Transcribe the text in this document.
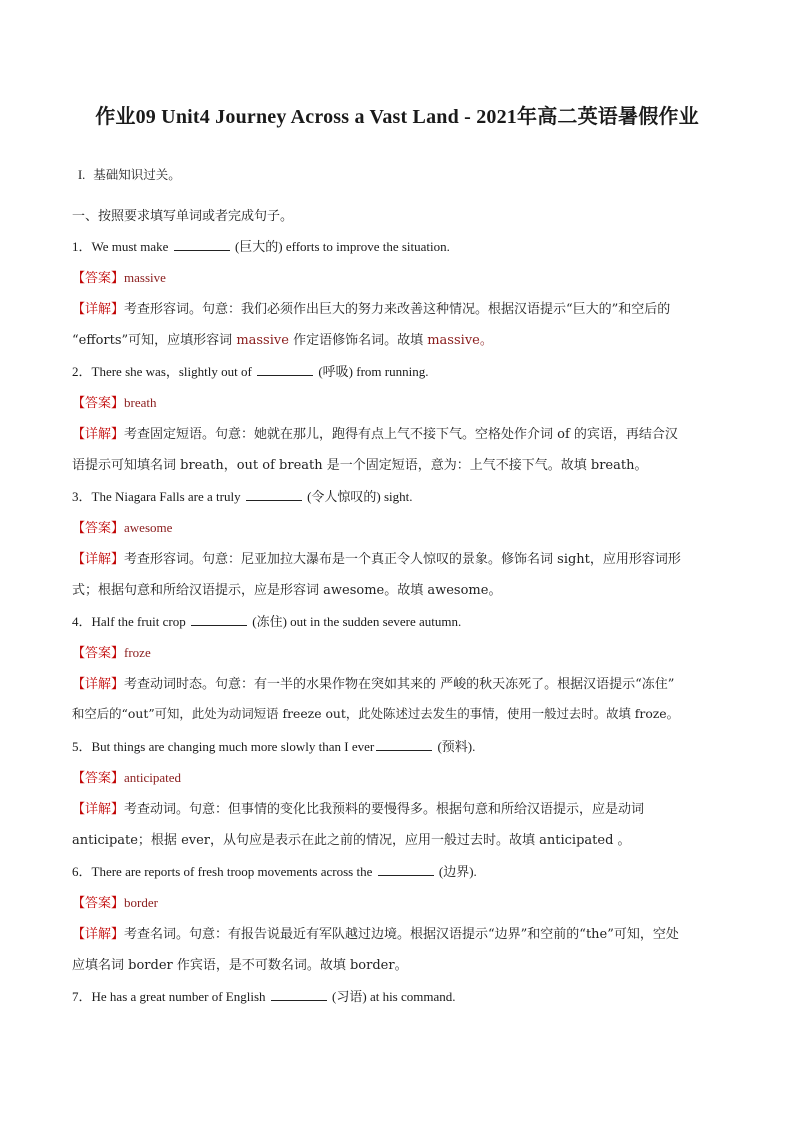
作业09 Unit4 Journey Across a Vast Land - 2021年高二英语暑假作业
I. 基础知识过关。
一、按照要求填写单词或者完成句子。
1．We must make	(巨大的) efforts to improve the situation.
【答案】massive
【详解】考查形容词。句意：我们必须作出巨大的努力来改善这种情况。根据汉语提示“巨大的”和空后的
“efforts”可知，应填形容词 massive 作定语修饰名词。故填 massive。
2．There she was，slightly out of	(呼吸) from running.
【答案】breath
【详解】考查固定短语。句意：她就在那儿，跑得有点上气不接下气。空格处作介词 of 的宾语，再结合汉
语提示可知填名词 breath，out of breath 是一个固定短语，意为：上气不接下气。故填 breath。
3．The Niagara Falls are a truly	(令人惊叹的) sight.
【答案】awesome
【详解】考查形容词。句意：尼亚加拉大瀑布是一个真正令人惊叹的景象。修饰名词 sight，应用形容词形
式；根据句意和所给汉语提示，应是形容词 awesome。故填 awesome。
4．Half the fruit crop	(冻住) out in the sudden severe autumn.
【答案】froze
【详解】考查动词时态。句意：有一半的水果作物在突如其来的 严峻的秋天冻死了。根据汉语提示“冻住”
和空后的“out”可知，此处为动词短语 freeze out，此处陈述过去发生的事情，使用一般过去时。故填 froze。
5．But things are changing much more slowly than I ever	(预料).
【答案】anticipated
【详解】考查动词。句意：但事情的变化比我预料的要慢得多。根据句意和所给汉语提示，应是动词
anticipate；根据 ever，从句应是表示在此之前的情况，应用一般过去时。故填 anticipated 。
6．There are reports of fresh troop movements across the	(边界).
【答案】border
【详解】考查名词。句意：有报告说最近有军队越过边境。根据汉语提示“边界”和空前的“the”可知，空处
应填名词 border 作宾语，是不可数名词。故填 border。
7．He has a great number of English	(习语) at his command.
